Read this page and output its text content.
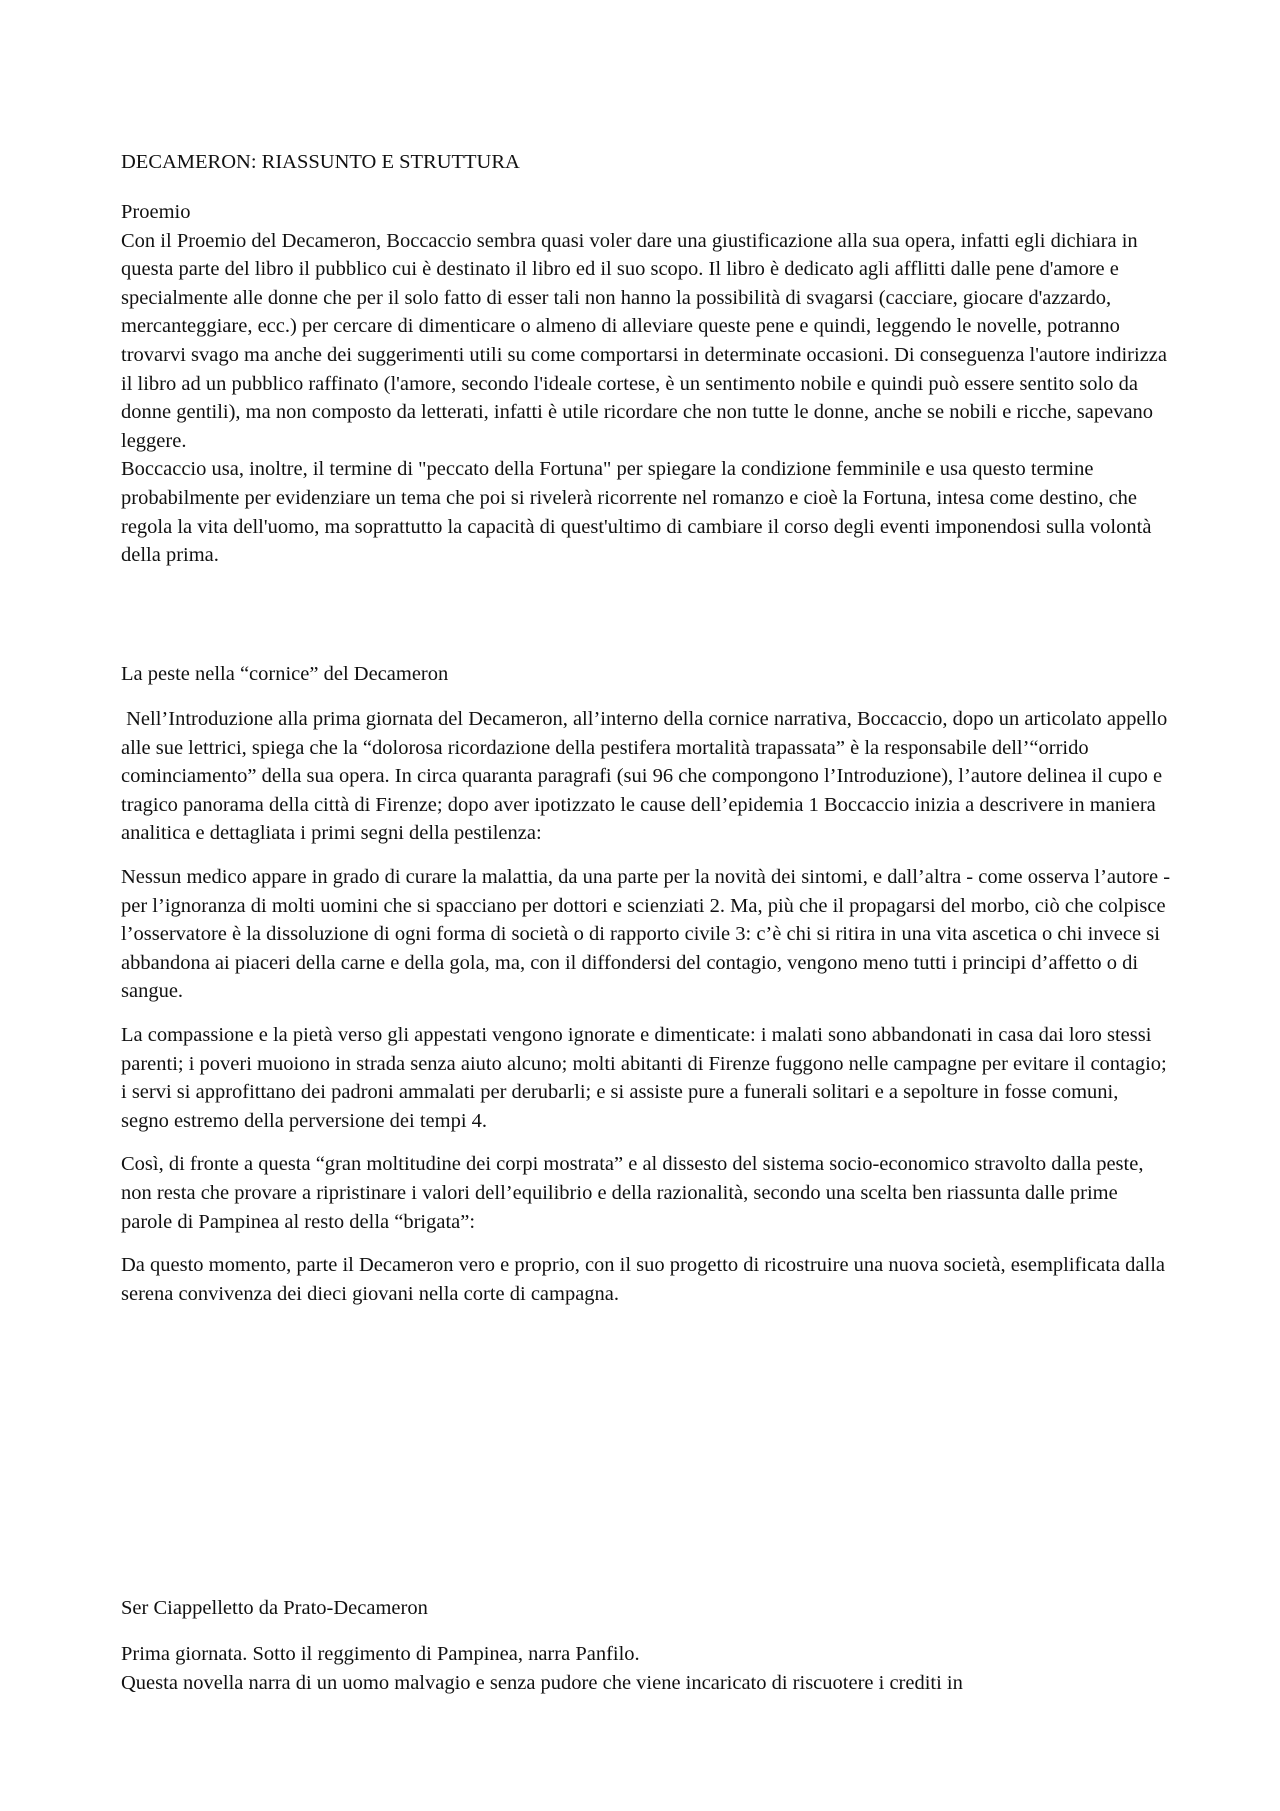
DECAMERON: RIASSUNTO E STRUTTURA

Proemio

Con il Proemio del Decameron, Boccaccio sembra quasi voler dare una giustificazione alla sua opera, infatti egli dichiara in questa parte del libro il pubblico cui è destinato il libro ed il suo scopo. Il libro è dedicato agli afflitti dalle pene d'amore e specialmente alle donne che per il solo fatto di esser tali non hanno la possibilità di svagarsi (cacciare, giocare d'azzardo, mercanteggiare, ecc.) per cercare di dimenticare o almeno di alleviare queste pene e quindi, leggendo le novelle, potranno trovarvi svago ma anche dei suggerimenti utili su come comportarsi in determinate occasioni. Di conseguenza l'autore indirizza il libro ad un pubblico raffinato (l'amore, secondo l'ideale cortese, è un sentimento nobile e quindi può essere sentito solo da donne gentili), ma non composto da letterati, infatti è utile ricordare che non tutte le donne, anche se nobili e ricche, sapevano leggere.

Boccaccio usa, inoltre, il termine di "peccato della Fortuna" per spiegare la condizione femminile e usa questo termine probabilmente per evidenziare un tema che poi si rivelerà ricorrente nel romanzo e cioè la Fortuna, intesa come destino, che regola la vita dell'uomo, ma soprattutto la capacità di quest'ultimo di cambiare il corso degli eventi imponendosi sulla volontà della prima.

La peste nella “cornice” del Decameron

Nell’Introduzione alla prima giornata del Decameron, all’interno della cornice narrativa, Boccaccio, dopo un articolato appello alle sue lettrici, spiega che la “dolorosa ricordazione della pestifera mortalità trapassata” è la responsabile dell’“orrido cominciamento” della sua opera. In circa quaranta paragrafi (sui 96 che compongono l’Introduzione), l’autore delinea il cupo e tragico panorama della città di Firenze; dopo aver ipotizzato le cause dell’epidemia 1 Boccaccio inizia a descrivere in maniera analitica e dettagliata i primi segni della pestilenza:

Nessun medico appare in grado di curare la malattia, da una parte per la novità dei sintomi, e dall’altra - come osserva l’autore - per l’ignoranza di molti uomini che si spacciano per dottori e scienziati 2. Ma, più che il propagarsi del morbo, ciò che colpisce l’osservatore è la dissoluzione di ogni forma di società o di rapporto civile 3: c’è chi si ritira in una vita ascetica o chi invece si abbandona ai piaceri della carne e della gola, ma, con il diffondersi del contagio, vengono meno tutti i principi d’affetto o di sangue.

La compassione e la pietà verso gli appestati vengono ignorate e dimenticate: i malati sono abbandonati in casa dai loro stessi parenti; i poveri muoiono in strada senza aiuto alcuno; molti abitanti di Firenze fuggono nelle campagne per evitare il contagio; i servi si approfittano dei padroni ammalati per derubarli; e si assiste pure a funerali solitari e a sepolture in fosse comuni, segno estremo della perversione dei tempi 4.

Così, di fronte a questa “gran moltitudine dei corpi mostrata” e al dissesto del sistema socio-economico stravolto dalla peste, non resta che provare a ripristinare i valori dell’equilibrio e della razionalità, secondo una scelta ben riassunta dalle prime parole di Pampinea al resto della “brigata”:

Da questo momento, parte il Decameron vero e proprio, con il suo progetto di ricostruire una nuova società, esemplificata dalla serena convivenza dei dieci giovani nella corte di campagna.

Ser Ciappelletto da Prato-Decameron

Prima giornata. Sotto il reggimento di Pampinea, narra Panfilo.

Questa novella narra di un uomo malvagio e senza pudore che viene incaricato di riscuotere i crediti in
